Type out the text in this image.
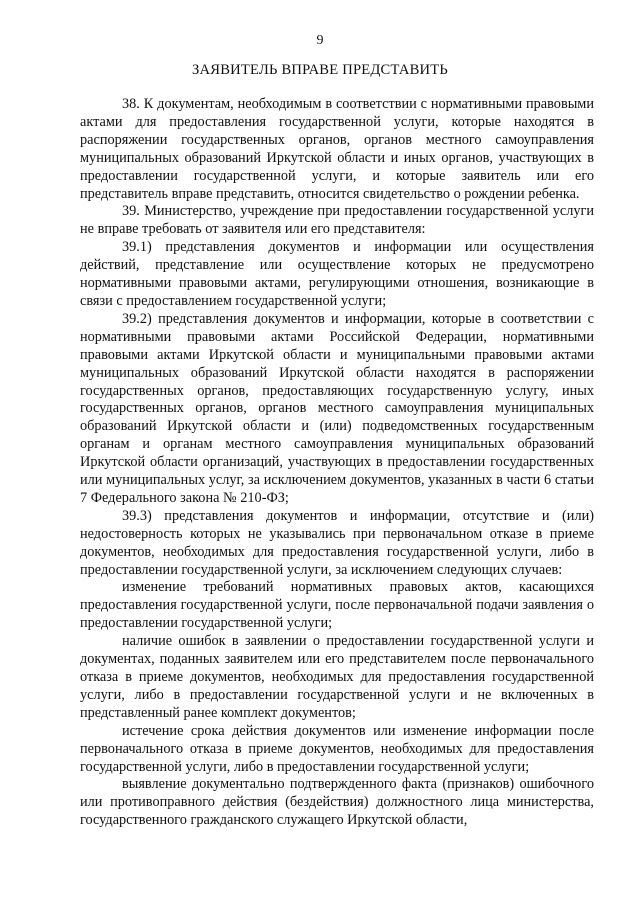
9
ЗАЯВИТЕЛЬ ВПРАВЕ ПРЕДСТАВИТЬ

38. К документам, необходимым в соответствии с нормативными правовыми актами для предоставления государственной услуги, которые находятся в распоряжении государственных органов, органов местного самоуправления муниципальных образований Иркутской области и иных органов, участвующих в предоставлении государственной услуги, и которые заявитель или его представитель вправе представить, относится свидетельство о рождении ребенка.

39. Министерство, учреждение при предоставлении государственной услуги не вправе требовать от заявителя или его представителя:

39.1) представления документов и информации или осуществления действий, представление или осуществление которых не предусмотрено нормативными правовыми актами, регулирующими отношения, возникающие в связи с предоставлением государственной услуги;

39.2) представления документов и информации, которые в соответствии с нормативными правовыми актами Российской Федерации, нормативными правовыми актами Иркутской области и муниципальными правовыми актами муниципальных образований Иркутской области находятся в распоряжении государственных органов, предоставляющих государственную услугу, иных государственных органов, органов местного самоуправления муниципальных образований Иркутской области и (или) подведомственных государственным органам и органам местного самоуправления муниципальных образований Иркутской области организаций, участвующих в предоставлении государственных или муниципальных услуг, за исключением документов, указанных в части 6 статьи 7 Федерального закона № 210-ФЗ;

39.3) представления документов и информации, отсутствие и (или) недостоверность которых не указывались при первоначальном отказе в приеме документов, необходимых для предоставления государственной услуги, либо в предоставлении государственной услуги, за исключением следующих случаев:

изменение требований нормативных правовых актов, касающихся предоставления государственной услуги, после первоначальной подачи заявления о предоставлении государственной услуги;

наличие ошибок в заявлении о предоставлении государственной услуги и документах, поданных заявителем или его представителем после первоначального отказа в приеме документов, необходимых для предоставления государственной услуги, либо в предоставлении государственной услуги и не включенных в представленный ранее комплект документов;

истечение срока действия документов или изменение информации после первоначального отказа в приеме документов, необходимых для предоставления государственной услуги, либо в предоставлении государственной услуги;

выявление документально подтвержденного факта (признаков) ошибочного или противоправного действия (бездействия) должностного лица министерства, государственного гражданского служащего Иркутской области,
